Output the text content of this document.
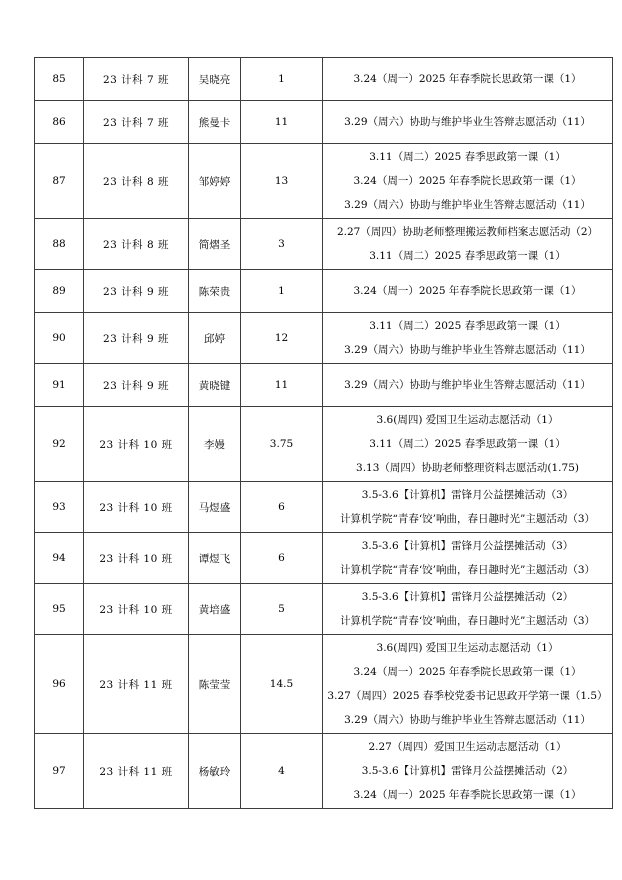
85	23 计科 7 班	吴晓亮	1	3.24（周一）2025 年春季院长思政第一课（1）

86	23 计科 7 班	熊曼卡	11	3.29（周六）协助与维护毕业生答辩志愿活动（11）

87	23 计科 8 班	邹婷婷	13	3.11（周二）2025 春季思政第一课（1）
3.24（周一）2025 年春季院长思政第一课（1）
3.29（周六）协助与维护毕业生答辩志愿活动（11）

88	23 计科 8 班	简熠圣	3	2.27（周四）协助老师整理搬运教师档案志愿活动（2）
3.11（周二）2025 春季思政第一课（1）

89	23 计科 9 班	陈荣贵	1	3.24（周一）2025 年春季院长思政第一课（1）

90	23 计科 9 班	邱婷	12	3.11（周二）2025 春季思政第一课（1）
3.29（周六）协助与维护毕业生答辩志愿活动（11）

91	23 计科 9 班	黄晓键	11	3.29（周六）协助与维护毕业生答辩志愿活动（11）

92	23 计科 10 班	李嫚	3.75	3.6(周四) 爱国卫生运动志愿活动（1）
3.11（周二）2025 春季思政第一课（1）
3.13（周四）协助老师整理资料志愿活动(1.75)

93	23 计科 10 班	马煜盛	6	3.5-3.6【计算机】雷锋月公益摆摊活动（3）
计算机学院“青春‘饺’响曲，春日趣时光”主题活动（3）

94	23 计科 10 班	谭煜飞	6	3.5-3.6【计算机】雷锋月公益摆摊活动（3）
计算机学院“青春‘饺’响曲，春日趣时光”主题活动（3）

95	23 计科 10 班	黄培盛	5	3.5-3.6【计算机】雷锋月公益摆摊活动（2）
计算机学院“青春‘饺’响曲，春日趣时光”主题活动（3）

96	23 计科 11 班	陈莹莹	14.5	3.6(周四) 爱国卫生运动志愿活动（1）
3.24（周一）2025 年春季院长思政第一课（1）
3.27（周四）2025 春季校党委书记思政开学第一课（1.5）
3.29（周六）协助与维护毕业生答辩志愿活动（11）

97	23 计科 11 班	杨敏玲	4	2.27（周四）爱国卫生运动志愿活动（1）
3.5-3.6【计算机】雷锋月公益摆摊活动（2）
3.24（周一）2025 年春季院长思政第一课（1）
